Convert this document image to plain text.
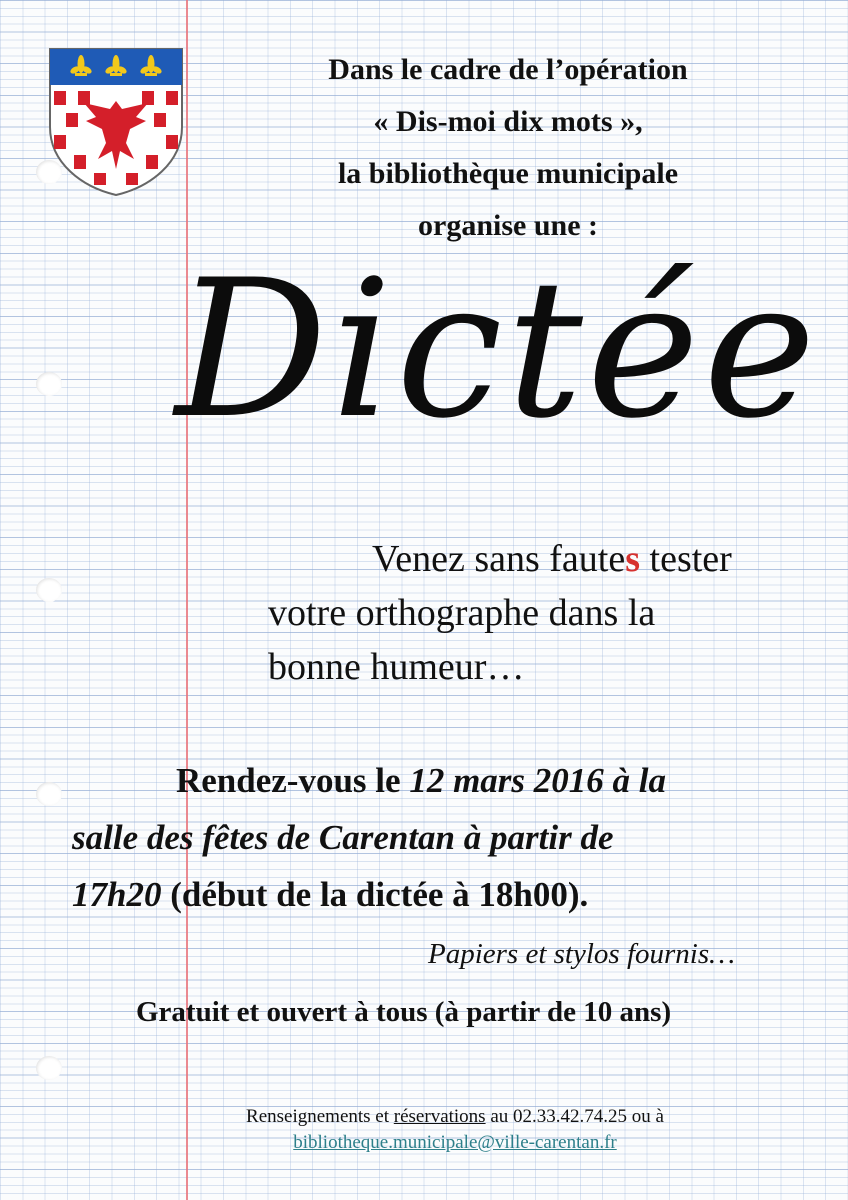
Dans le cadre de l’opération
« Dis-moi dix mots »,
la bibliothèque municipale
organise une :
Dictée
Venez sans fautes tester
votre orthographe dans la
bonne humeur…
Rendez-vous le 12 mars 2016 à la
salle des fêtes de Carentan à partir de
17h20 (début de la dictée à 18h00).
Papiers et stylos fournis…
Gratuit et ouvert à tous (à partir de 10 ans)
Renseignements et réservations au 02.33.42.74.25 ou à
bibliotheque.municipale@ville-carentan.fr
